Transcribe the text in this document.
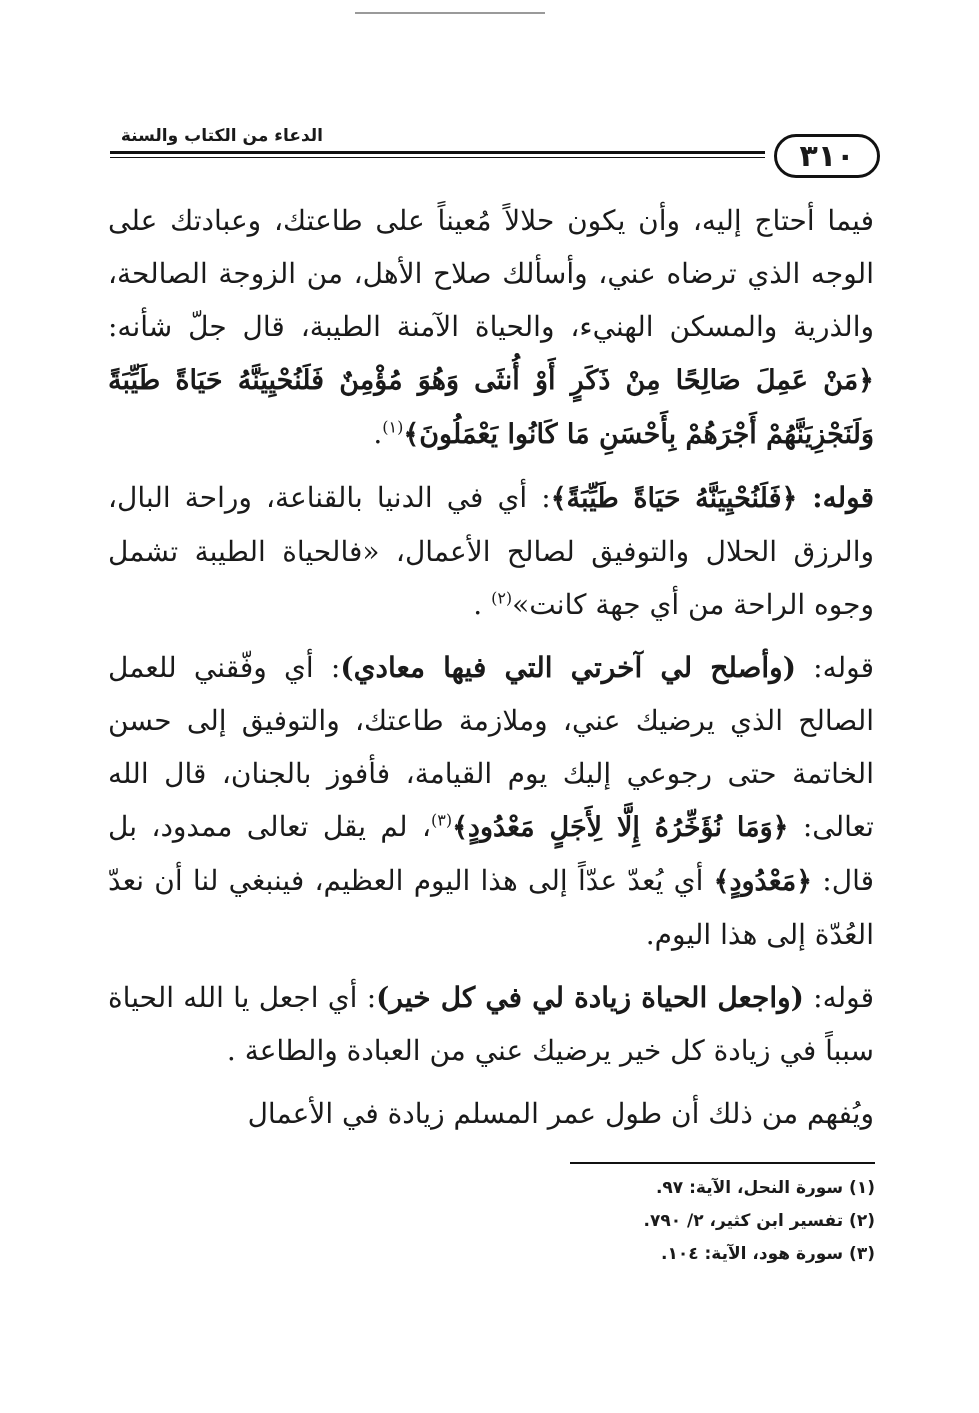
الدعاء من الكتاب والسنة
٣١٠

فيما أحتاج إليه، وأن يكون حلالاً مُعيناً على طاعتك، وعبادتك على الوجه الذي ترضاه عني، وأسألك صلاح الأهل، من الزوجة الصالحة، والذرية والمسكن الهنيء، والحياة الآمنة الطيبة، قال جلّ شأنه: ﴿مَنْ عَمِلَ صَالِحًا مِنْ ذَكَرٍ أَوْ أُنثَى وَهُوَ مُؤْمِنٌ فَلَنُحْيِيَنَّهُ حَيَاةً طَيِّبَةً وَلَنَجْزِيَنَّهُمْ أَجْرَهُمْ بِأَحْسَنِ مَا كَانُوا يَعْمَلُونَ﴾$^{(١)}$.

قوله: ﴿فَلَنُحْيِيَنَّهُ حَيَاةً طَيِّبَةً﴾: أي في الدنيا بالقناعة، وراحة البال، والرزق الحلال والتوفيق لصالح الأعمال، «فالحياة الطيبة تشمل وجوه الراحة من أي جهة كانت»$^{(٢)}$ .

قوله: (وأصلح لي آخرتي التي فيها معادي): أي وفّقني للعمل الصالح الذي يرضيك عني، وملازمة طاعتك، والتوفيق إلى حسن الخاتمة حتى رجوعي إليك يوم القيامة، فأفوز بالجنان، قال الله تعالى: ﴿وَمَا نُؤَخِّرُهُ إِلَّا لِأَجَلٍ مَعْدُودٍ﴾$^{(٣)}$، لم يقل تعالى ممدود، بل قال: ﴿مَعْدُودٍ﴾ أي يُعدّ عدّاً إلى هذا اليوم العظيم، فينبغي لنا أن نعدّ العُدّة إلى هذا اليوم.

قوله: (واجعل الحياة زيادة لي في كل خير): أي اجعل يا الله الحياة سبباً في زيادة كل خير يرضيك عني من العبادة والطاعة .

ويُفهم من ذلك أن طول عمر المسلم زيادة في الأعمال

(١) سورة النحل، الآية: ٩٧.
(٢) تفسير ابن كثير، ٢/ ٧٩٠.
(٣) سورة هود، الآية: ١٠٤.
